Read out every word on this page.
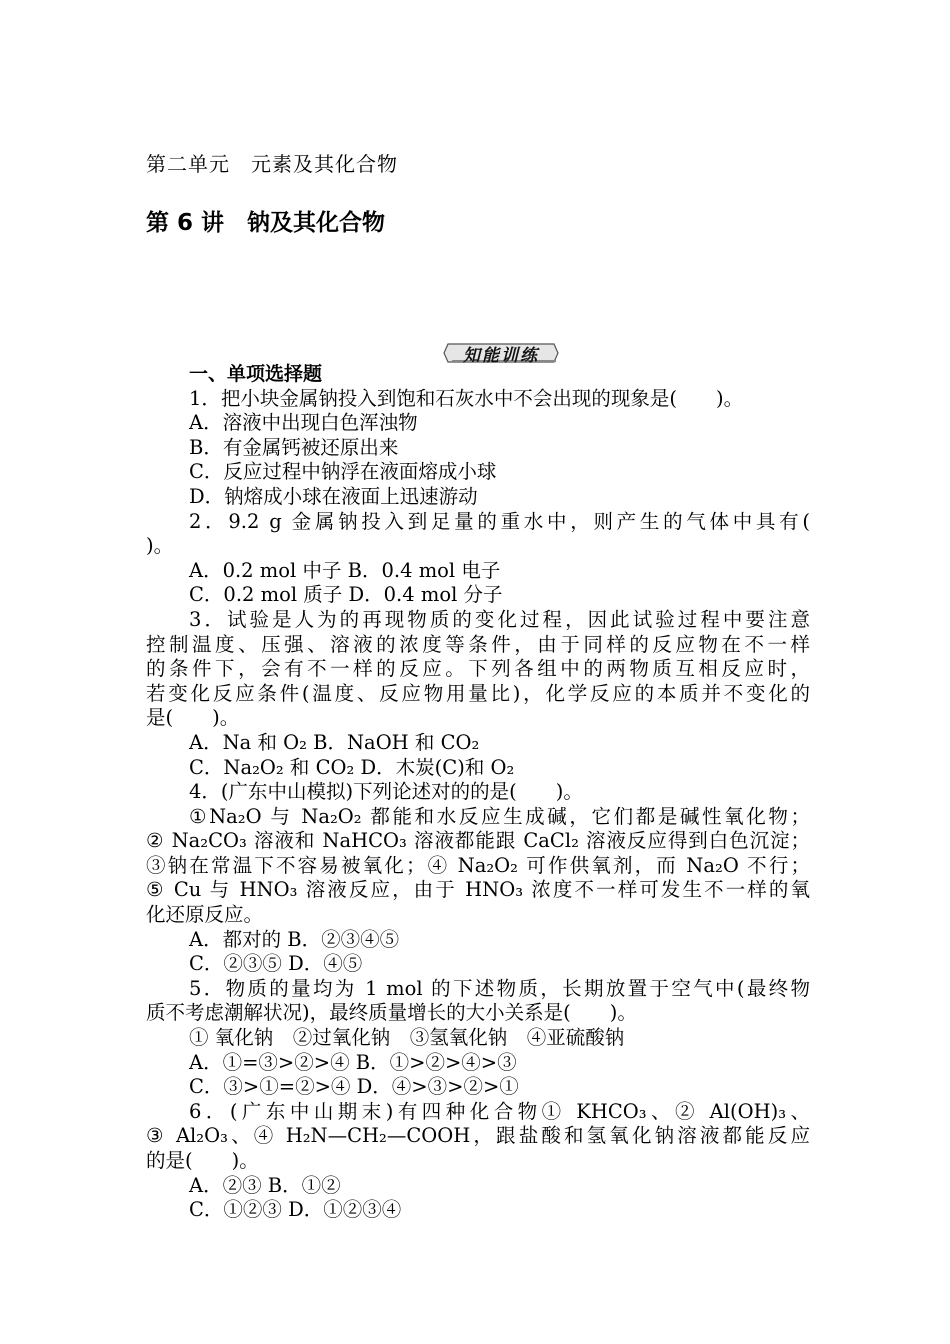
第二单元　元素及其化合物
第 6 讲　钠及其化合物
知能训练
一、单项选择题
1．把小块金属钠投入到饱和石灰水中不会出现的现象是(　　)。
A．溶液中出现白色浑浊物
B．有金属钙被还原出来
C．反应过程中钠浮在液面熔成小球
D．钠熔成小球在液面上迅速游动
2．9.2 g 金属钠投入到足量的重水中，则产生的气体中具有(
)。
A．0.2 mol 中子 B．0.4 mol 电子
C．0.2 mol 质子 D．0.4 mol 分子
3．试验是人为的再现物质的变化过程，因此试验过程中要注意
控制温度、压强、溶液的浓度等条件，由于同样的反应物在不一样
的条件下，会有不一样的反应。下列各组中的两物质互相反应时，
若变化反应条件(温度、反应物用量比)，化学反应的本质并不变化的
是(　　)。
A．Na 和 O₂ B．NaOH 和 CO₂
C．Na₂O₂ 和 CO₂ D．木炭(C)和 O₂
4．(广东中山模拟)下列论述对的的是(　　)。
①Na₂O 与 Na₂O₂ 都能和水反应生成碱，它们都是碱性氧化物；
② Na₂CO₃ 溶液和 NaHCO₃ 溶液都能跟 CaCl₂ 溶液反应得到白色沉淀；
③钠在常温下不容易被氧化；④ Na₂O₂ 可作供氧剂，而 Na₂O 不行；
⑤ Cu 与 HNO₃ 溶液反应，由于 HNO₃ 浓度不一样可发生不一样的氧
化还原反应。
A．都对的 B．②③④⑤
C．②③⑤ D．④⑤
5．物质的量均为 1 mol 的下述物质，长期放置于空气中(最终物
质不考虑潮解状况)，最终质量增长的大小关系是(　　)。
① 氧化钠　②过氧化钠　③氢氧化钠　④亚硫酸钠
A．①=③>②>④ B．①>②>④>③
C．③>①=②>④ D．④>③>②>①
6．(广东中山期末)有四种化合物① KHCO₃、② Al(OH)₃、
③ Al₂O₃、④ H₂N—CH₂—COOH，跟盐酸和氢氧化钠溶液都能反应
的是(　　)。
A．②③ B．①②
C．①②③ D．①②③④
